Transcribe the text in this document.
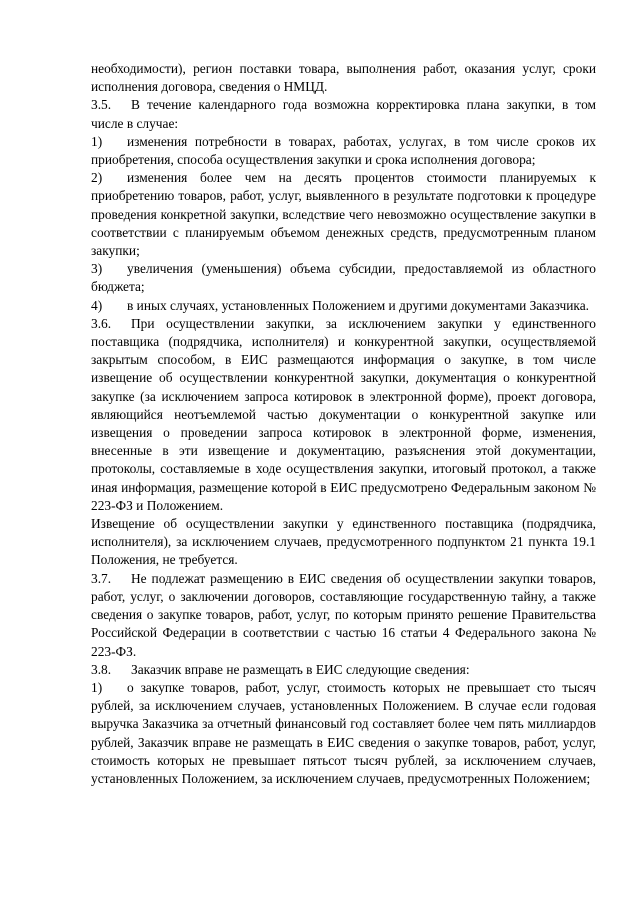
необходимости), регион поставки товара, выполнения работ, оказания услуг, сроки исполнения договора, сведения о НМЦД.

3.5. В течение календарного года возможна корректировка плана закупки, в том числе в случае:

1) изменения потребности в товарах, работах, услугах, в том числе сроков их приобретения, способа осуществления закупки и срока исполнения договора;

2) изменения более чем на десять процентов стоимости планируемых к приобретению товаров, работ, услуг, выявленного в результате подготовки к процедуре проведения конкретной закупки, вследствие чего невозможно осуществление закупки в соответствии с планируемым объемом денежных средств, предусмотренным планом закупки;

3) увеличения (уменьшения) объема субсидии, предоставляемой из областного бюджета;

4) в иных случаях, установленных Положением и другими документами Заказчика.

3.6. При осуществлении закупки, за исключением закупки у единственного поставщика (подрядчика, исполнителя) и конкурентной закупки, осуществляемой закрытым способом, в ЕИС размещаются информация о закупке, в том числе извещение об осуществлении конкурентной закупки, документация о конкурентной закупке (за исключением запроса котировок в электронной форме), проект договора, являющийся неотъемлемой частью документации о конкурентной закупке или извещения о проведении запроса котировок в электронной форме, изменения, внесенные в эти извещение и документацию, разъяснения этой документации, протоколы, составляемые в ходе осуществления закупки, итоговый протокол, а также иная информация, размещение которой в ЕИС предусмотрено Федеральным законом № 223-ФЗ и Положением.

Извещение об осуществлении закупки у единственного поставщика (подрядчика, исполнителя), за исключением случаев, предусмотренного подпунктом 21 пункта 19.1 Положения, не требуется.

3.7. Не подлежат размещению в ЕИС сведения об осуществлении закупки товаров, работ, услуг, о заключении договоров, составляющие государственную тайну, а также сведения о закупке товаров, работ, услуг, по которым принято решение Правительства Российской Федерации в соответствии с частью 16 статьи 4 Федерального закона № 223-ФЗ.

3.8. Заказчик вправе не размещать в ЕИС следующие сведения:

1) о закупке товаров, работ, услуг, стоимость которых не превышает сто тысяч рублей, за исключением случаев, установленных Положением. В случае если годовая выручка Заказчика за отчетный финансовый год составляет более чем пять миллиардов рублей, Заказчик вправе не размещать в ЕИС сведения о закупке товаров, работ, услуг, стоимость которых не превышает пятьсот тысяч рублей, за исключением случаев, установленных Положением, за исключением случаев, предусмотренных Положением;
